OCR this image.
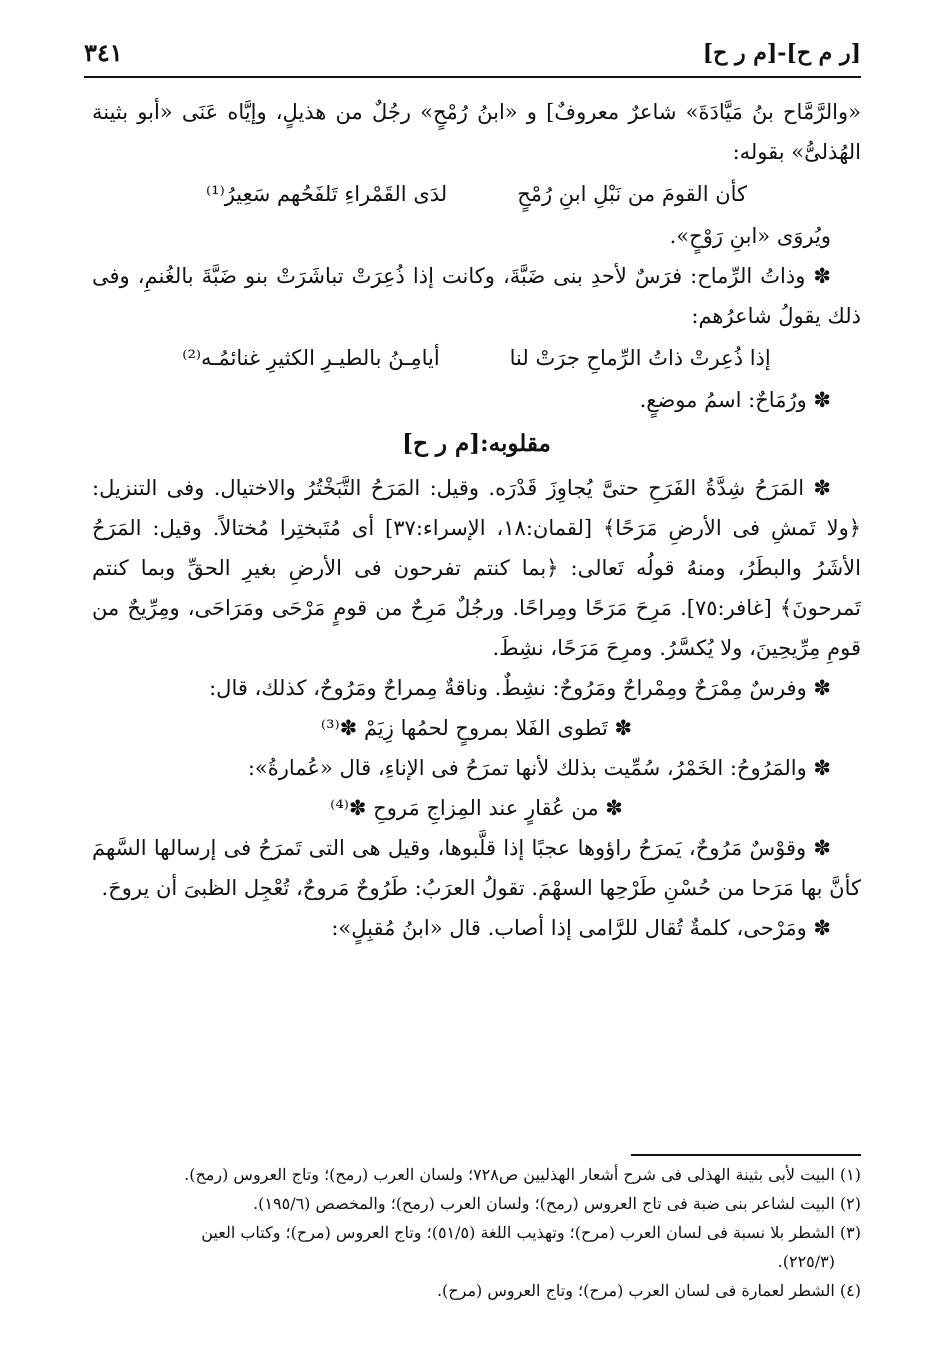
[ر م ح]-[م ر ح]
٣٤١

«والرَّمَّاح بنُ مَيَّادَةَ» شاعرٌ معروفٌ] و «ابنُ رُمْحٍ» رجُلٌ من هذيلٍ، وإيَّاه عَنَى «أبو بثينة الهُذلىُّ» بقوله:

كأن القومَ من نَبْلِ ابنِ رُمْحٍ
لدَى القَمْراءِ تَلفَحُهم سَعِيرُ⁽¹⁾

ويُروَى «ابنِ رَوْحٍ».

✽ وذاتُ الرِّماح: فرَسٌ لأحدِ بنى ضَبَّةَ، وكانت إذا ذُعِرَتْ تباشَرَتْ بنو ضَبَّةَ بالغُنمِ، وفى ذلك يقولُ شاعرُهم:

إذا ذُعِرتْ ذاتُ الرِّماحِ جرَتْ لنا
أيامِـنُ بالطيـرِ الكثيرِ غنائمُـه⁽²⁾

✽ ورُمَاحٌ: اسمُ موضعٍ.

مقلوبه:[م ر ح]

✽ المَرَحُ شِدَّةُ الفَرَحِ حتىَّ يُجاوِزَ قَدْرَه. وقيل: المَرَحُ التَّبَخْتُرُ والاختيال. وفى التنزيل: ﴿ولا تَمشِ فى الأرضِ مَرَحًا﴾ [لقمان:١٨، الإسراء:٣٧] أى مُتَبختِرا مُختالاً. وقيل: المَرَحُ الأشَرُ والبطَرُ، ومنهُ قولُه تَعالى: ﴿بما كنتم تفرحون فى الأرضِ بغيرِ الحقِّ وبما كنتم تَمرحونَ﴾ [غافر:٧٥]. مَرِحَ مَرَحًا ومِراحًا. ورجُلٌ مَرِحٌ من قومٍ مَرْحَى ومَرَاحَى، ومِرِّيحٌ من قومِ مِرِّيحِينَ، ولا يُكسَّرُ. ومرِحَ مَرَحًا، نشِطَ.

✽ وفرسٌ مِمْرَحٌ ومِمْراحٌ ومَرُوحٌ: نشِطٌ. وناقةٌ مِمراحٌ ومَرُوحٌ، كذلك، قال:

✽ تَطوى الفَلا بمروحٍ لحمُها زِيَمْ ✽⁽³⁾

✽ والمَرُوحُ: الخَمْرُ، سُمِّيت بذلك لأنها تمرَحُ فى الإناءِ، قال «عُمارةُ»:

✽ من عُقارٍ عند المِزاجِ مَروحِ ✽⁽⁴⁾

✽ وقوْسٌ مَرُوحٌ، يَمرَحُ راؤوها عجبًا إذا قلَّبوها، وقيل هى التى تَمرَحُ فى إرسالها السَّهمَ كأنَّ بها مَرَحا من حُسْنِ طَرْحِها السهْمَ. تقولُ العرَبُ: طَرُوحٌ مَروحٌ، تُعْجِل الظبىَ أن يروحَ.

✽ ومَرْحى، كلمةٌ تُقال للرَّامى إذا أصاب. قال «ابنُ مُقبِلٍ»:

(١) البيت لأبى بثينة الهذلى فى شرح أشعار الهذليين ص٧٢٨؛ ولسان العرب (رمح)؛ وتاج العروس (رمح).

(٢) البيت لشاعر بنى ضبة فى تاج العروس (رمح)؛ ولسان العرب (رمح)؛ والمخصص (١٩٥/٦).

(٣) الشطر بلا نسبة فى لسان العرب (مرح)؛ وتهذيب اللغة (٥١/٥)؛ وتاج العروس (مرح)؛ وكتاب العين

(٢٢٥/٣).

(٤) الشطر لعمارة فى لسان العرب (مرح)؛ وتاج العروس (مرح).
